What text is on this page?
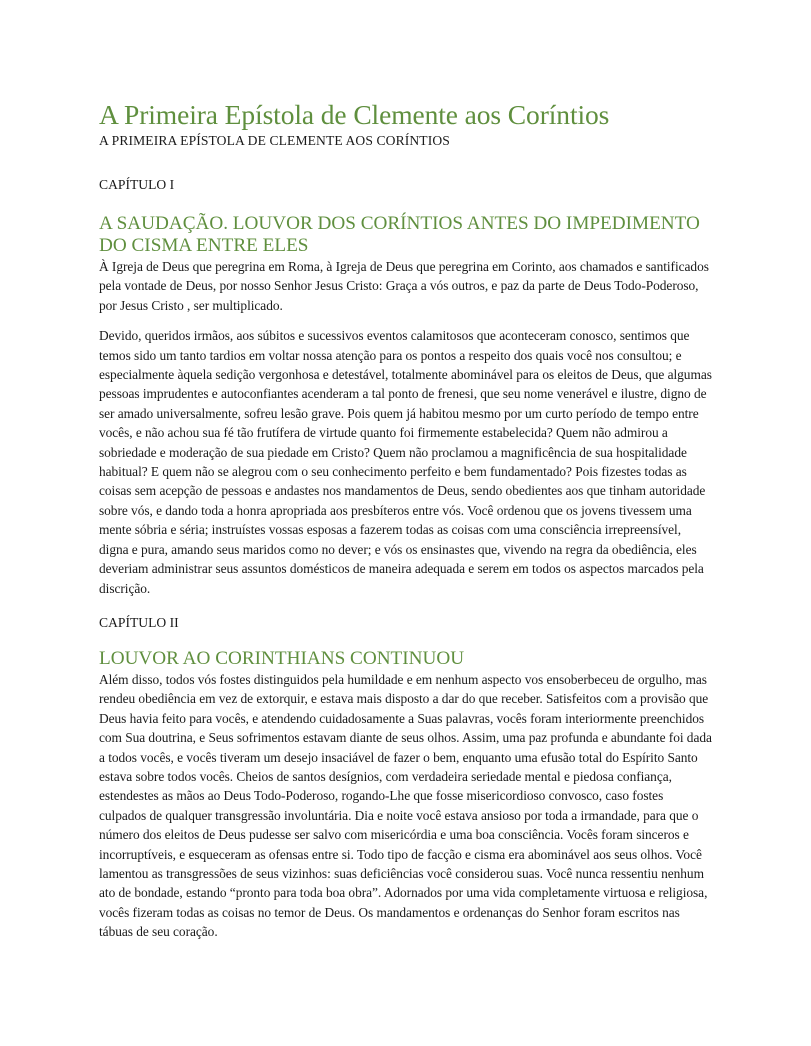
A Primeira Epístola de Clemente aos Coríntios
A PRIMEIRA EPÍSTOLA DE CLEMENTE AOS CORÍNTIOS
CAPÍTULO I
A SAUDAÇÃO. LOUVOR DOS CORÍNTIOS ANTES DO IMPEDIMENTO DO CISMA ENTRE ELES

À Igreja de Deus que peregrina em Roma, à Igreja de Deus que peregrina em Corinto, aos chamados e santificados pela vontade de Deus, por nosso Senhor Jesus Cristo: Graça a vós outros, e paz da parte de Deus Todo-Poderoso, por Jesus Cristo , ser multiplicado.

Devido, queridos irmãos, aos súbitos e sucessivos eventos calamitosos que aconteceram conosco, sentimos que temos sido um tanto tardios em voltar nossa atenção para os pontos a respeito dos quais você nos consultou; e especialmente àquela sedição vergonhosa e detestável, totalmente abominável para os eleitos de Deus, que algumas pessoas imprudentes e autoconfiantes acenderam a tal ponto de frenesi, que seu nome venerável e ilustre, digno de ser amado universalmente, sofreu lesão grave. Pois quem já habitou mesmo por um curto período de tempo entre vocês, e não achou sua fé tão frutífera de virtude quanto foi firmemente estabelecida? Quem não admirou a sobriedade e moderação de sua piedade em Cristo? Quem não proclamou a magnificência de sua hospitalidade habitual? E quem não se alegrou com o seu conhecimento perfeito e bem fundamentado? Pois fizestes todas as coisas sem acepção de pessoas e andastes nos mandamentos de Deus, sendo obedientes aos que tinham autoridade sobre vós, e dando toda a honra apropriada aos presbíteros entre vós. Você ordenou que os jovens tivessem uma mente sóbria e séria; instruístes vossas esposas a fazerem todas as coisas com uma consciência irrepreensível, digna e pura, amando seus maridos como no dever; e vós os ensinastes que, vivendo na regra da obediência, eles deveriam administrar seus assuntos domésticos de maneira adequada e serem em todos os aspectos marcados pela discrição.

CAPÍTULO II
LOUVOR AO CORINTHIANS CONTINUOU

Além disso, todos vós fostes distinguidos pela humildade e em nenhum aspecto vos ensoberbeceu de orgulho, mas rendeu obediência em vez de extorquir, e estava mais disposto a dar do que receber. Satisfeitos com a provisão que Deus havia feito para vocês, e atendendo cuidadosamente a Suas palavras, vocês foram interiormente preenchidos com Sua doutrina, e Seus sofrimentos estavam diante de seus olhos. Assim, uma paz profunda e abundante foi dada a todos vocês, e vocês tiveram um desejo insaciável de fazer o bem, enquanto uma efusão total do Espírito Santo estava sobre todos vocês. Cheios de santos desígnios, com verdadeira seriedade mental e piedosa confiança, estendestes as mãos ao Deus Todo-Poderoso, rogando-Lhe que fosse misericordioso convosco, caso fostes culpados de qualquer transgressão involuntária. Dia e noite você estava ansioso por toda a irmandade, para que o número dos eleitos de Deus pudesse ser salvo com misericórdia e uma boa consciência. Vocês foram sinceros e incorruptíveis, e esqueceram as ofensas entre si. Todo tipo de facção e cisma era abominável aos seus olhos. Você lamentou as transgressões de seus vizinhos: suas deficiências você considerou suas. Você nunca ressentiu nenhum ato de bondade, estando “pronto para toda boa obra”. Adornados por uma vida completamente virtuosa e religiosa, vocês fizeram todas as coisas no temor de Deus. Os mandamentos e ordenanças do Senhor foram escritos nas tábuas de seu coração.
